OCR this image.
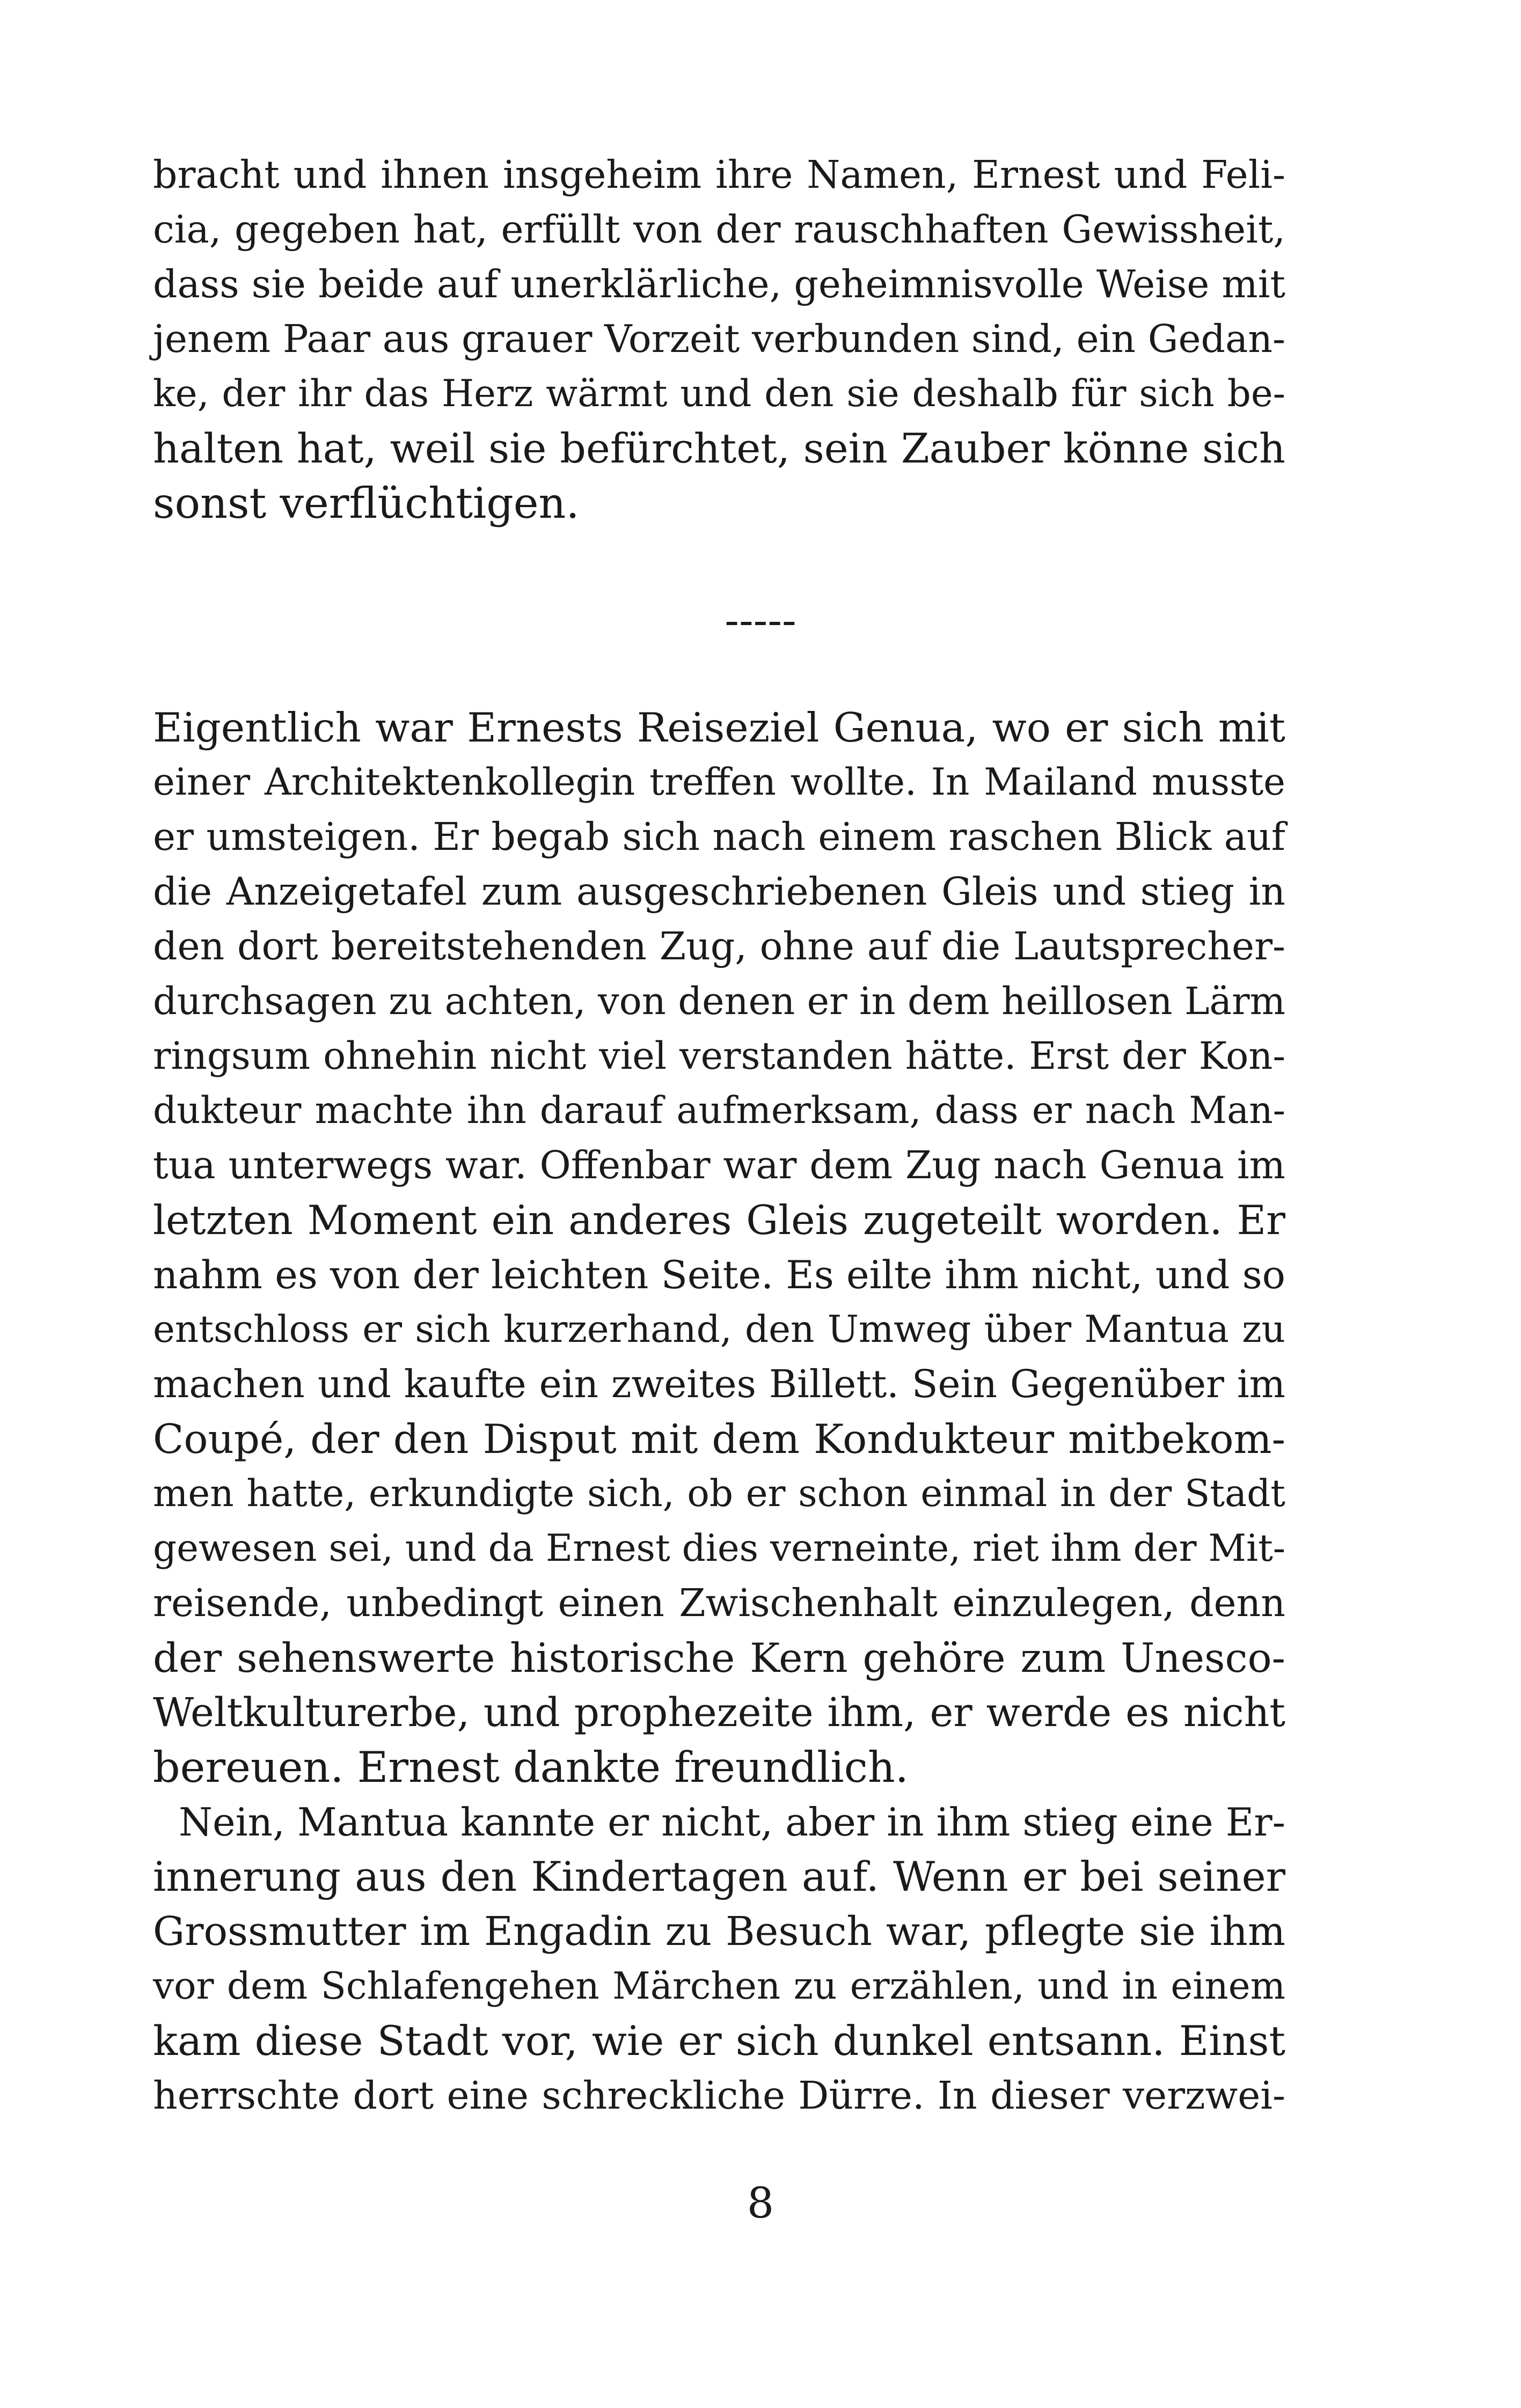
bracht und ihnen insgeheim ihre Namen, Ernest und Feli-
cia, gegeben hat, erfüllt von der rauschhaften Gewissheit,
dass sie beide auf unerklärliche, geheimnisvolle Weise mit
jenem Paar aus grauer Vorzeit verbunden sind, ein Gedan-
ke, der ihr das Herz wärmt und den sie deshalb für sich be-
halten hat, weil sie befürchtet, sein Zauber könne sich
sonst verflüchtigen.
-----
Eigentlich war Ernests Reiseziel Genua, wo er sich mit
einer Architektenkollegin treffen wollte. In Mailand musste
er umsteigen. Er begab sich nach einem raschen Blick auf
die Anzeigetafel zum ausgeschriebenen Gleis und stieg in
den dort bereitstehenden Zug, ohne auf die Lautsprecher-
durchsagen zu achten, von denen er in dem heillosen Lärm
ringsum ohnehin nicht viel verstanden hätte. Erst der Kon-
dukteur machte ihn darauf aufmerksam, dass er nach Man-
tua unterwegs war. Offenbar war dem Zug nach Genua im
letzten Moment ein anderes Gleis zugeteilt worden. Er
nahm es von der leichten Seite. Es eilte ihm nicht, und so
entschloss er sich kurzerhand, den Umweg über Mantua zu
machen und kaufte ein zweites Billett. Sein Gegenüber im
Coupé, der den Disput mit dem Kondukteur mitbekom-
men hatte, erkundigte sich, ob er schon einmal in der Stadt
gewesen sei, und da Ernest dies verneinte, riet ihm der Mit-
reisende, unbedingt einen Zwischenhalt einzulegen, denn
der sehenswerte historische Kern gehöre zum Unesco-
Weltkulturerbe, und prophezeite ihm, er werde es nicht
bereuen. Ernest dankte freundlich.
Nein, Mantua kannte er nicht, aber in ihm stieg eine Er-
innerung aus den Kindertagen auf. Wenn er bei seiner
Grossmutter im Engadin zu Besuch war, pflegte sie ihm
vor dem Schlafengehen Märchen zu erzählen, und in einem
kam diese Stadt vor, wie er sich dunkel entsann. Einst
herrschte dort eine schreckliche Dürre. In dieser verzwei-
8
